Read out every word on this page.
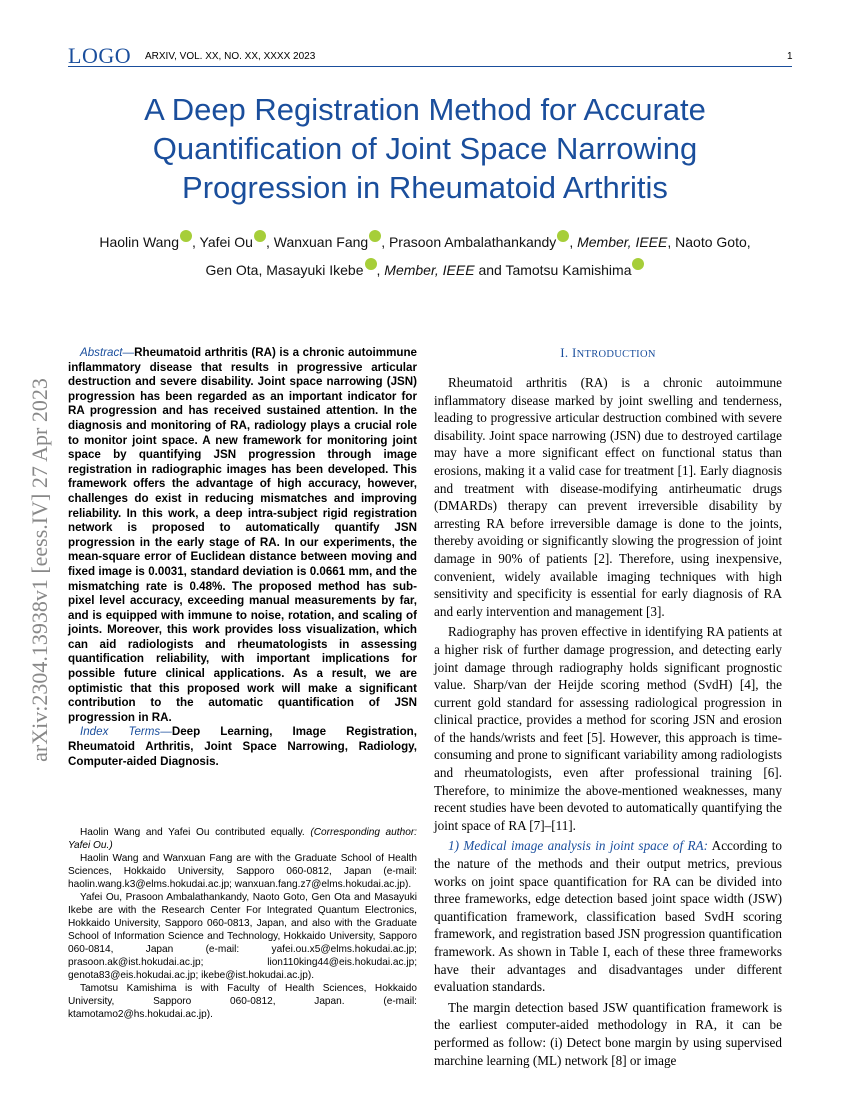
LOGO ARXIV, VOL. XX, NO. XX, XXXX 2023	1
A Deep Registration Method for Accurate Quantification of Joint Space Narrowing Progression in Rheumatoid Arthritis
Haolin Wang , Yafei Ou , Wanxuan Fang , Prasoon Ambalathankandy , Member, IEEE, Naoto Goto,
Gen Ota, Masayuki Ikebe , Member, IEEE and Tamotsu Kamishima
arXiv:2304.13938v1 [eess.IV] 27 Apr 2023

Abstract—Rheumatoid arthritis (RA) is a chronic autoimmune inflammatory disease that results in progressive articular destruction and severe disability. Joint space narrowing (JSN) progression has been regarded as an important indicator for RA progression and has received sustained attention. In the diagnosis and monitoring of RA, radiology plays a crucial role to monitor joint space. A new framework for monitoring joint space by quantifying JSN progression through image registration in radiographic images has been developed. This framework offers the advantage of high accuracy, however, challenges do exist in reducing mismatches and improving reliability. In this work, a deep intra-subject rigid registration network is proposed to automatically quantify JSN progression in the early stage of RA. In our experiments, the mean-square error of Euclidean distance between moving and fixed image is 0.0031, standard deviation is 0.0661 mm, and the mismatching rate is 0.48%. The proposed method has sub-pixel level accuracy, exceeding manual measurements by far, and is equipped with immune to noise, rotation, and scaling of joints. Moreover, this work provides loss visualization, which can aid radiologists and rheumatologists in assessing quantification reliability, with important implications for possible future clinical applications. As a result, we are optimistic that this proposed work will make a significant contribution to the automatic quantification of JSN progression in RA.

Index Terms—Deep Learning, Image Registration, Rheumatoid Arthritis, Joint Space Narrowing, Radiology, Computer-aided Diagnosis.

Haolin Wang and Yafei Ou contributed equally. (Corresponding author: Yafei Ou.)

Haolin Wang and Wanxuan Fang are with the Graduate School of Health Sciences, Hokkaido University, Sapporo 060-0812, Japan (e-mail: haolin.wang.k3@elms.hokudai.ac.jp; wanxuan.fang.z7@elms.hokudai.ac.jp).

Yafei Ou, Prasoon Ambalathankandy, Naoto Goto, Gen Ota and Masayuki Ikebe are with the Research Center For Integrated Quantum Electronics, Hokkaido University, Sapporo 060-0813, Japan, and also with the Graduate School of Information Science and Technology, Hokkaido University, Sapporo 060-0814, Japan (e-mail: yafei.ou.x5@elms.hokudai.ac.jp; prasoon.ak@ist.hokudai.ac.jp; lion110king44@eis.hokudai.ac.jp; genota83@eis.hokudai.ac.jp; ikebe@ist.hokudai.ac.jp).

Tamotsu Kamishima is with Faculty of Health Sciences, Hokkaido University, Sapporo 060-0812, Japan. (e-mail: ktamotamo2@hs.hokudai.ac.jp).

I. INTRODUCTION

Rheumatoid arthritis (RA) is a chronic autoimmune inflammatory disease marked by joint swelling and tenderness, leading to progressive articular destruction combined with severe disability. Joint space narrowing (JSN) due to destroyed cartilage may have a more significant effect on functional status than erosions, making it a valid case for treatment [1]. Early diagnosis and treatment with disease-modifying antirheumatic drugs (DMARDs) therapy can prevent irreversible disability by arresting RA before irreversible damage is done to the joints, thereby avoiding or significantly slowing the progression of joint damage in 90% of patients [2]. Therefore, using inexpensive, convenient, widely available imaging techniques with high sensitivity and specificity is essential for early diagnosis of RA and early intervention and management [3].

Radiography has proven effective in identifying RA patients at a higher risk of further damage progression, and detecting early joint damage through radiography holds significant prognostic value. Sharp/van der Heijde scoring method (SvdH) [4], the current gold standard for assessing radiological progression in clinical practice, provides a method for scoring JSN and erosion of the hands/wrists and feet [5]. However, this approach is time-consuming and prone to significant variability among radiologists and rheumatologists, even after professional training [6]. Therefore, to minimize the above-mentioned weaknesses, many recent studies have been devoted to automatically quantifying the joint space of RA [7]–[11].

1) Medical image analysis in joint space of RA: According to the nature of the methods and their output metrics, previous works on joint space quantification for RA can be divided into three frameworks, edge detection based joint space width (JSW) quantification framework, classification based SvdH scoring framework, and registration based JSN progression quantification framework. As shown in Table I, each of these three frameworks have their advantages and disadvantages under different evaluation standards.

The margin detection based JSW quantification framework is the earliest computer-aided methodology in RA, it can be performed as follow: (i) Detect bone margin by using supervised marchine learning (ML) network [8] or image
